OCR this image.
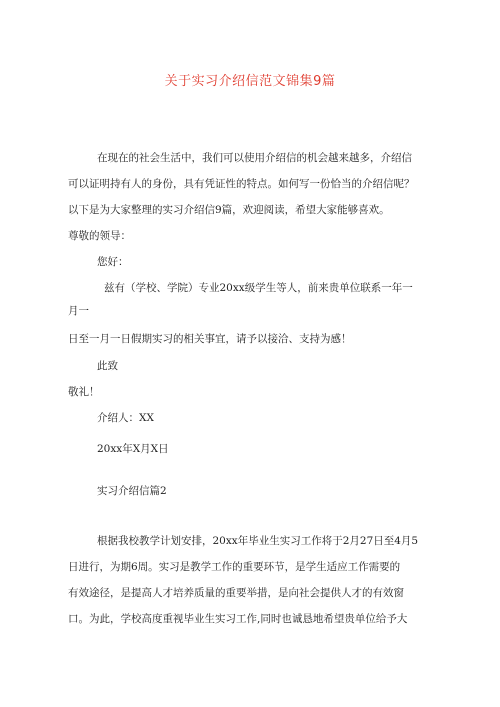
关于实习介绍信范文锦集9篇
在现在的社会生活中，我们可以使用介绍信的机会越来越多，介绍信
可以证明持有人的身份，具有凭证性的特点。如何写一份恰当的介绍信呢？
以下是为大家整理的实习介绍信9篇，欢迎阅读，希望大家能够喜欢。
尊敬的领导：
您好：
兹有（学校、学院）专业20xx级学生等人，前来贵单位联系一年一
月一
日至一月一日假期实习的相关事宜，请予以接洽、支持为感！
此致
敬礼！
介绍人：XX
20xx年X月X日
实习介绍信篇2
根据我校教学计划安排，20xx年毕业生实习工作将于2月27日至4月5
日进行，为期6周。实习是教学工作的重要环节，是学生适应工作需要的
有效途径，是提高人才培养质量的重要举措，是向社会提供人才的有效窗
口。为此，学校高度重视毕业生实习工作,同时也诚恳地希望贵单位给予大
